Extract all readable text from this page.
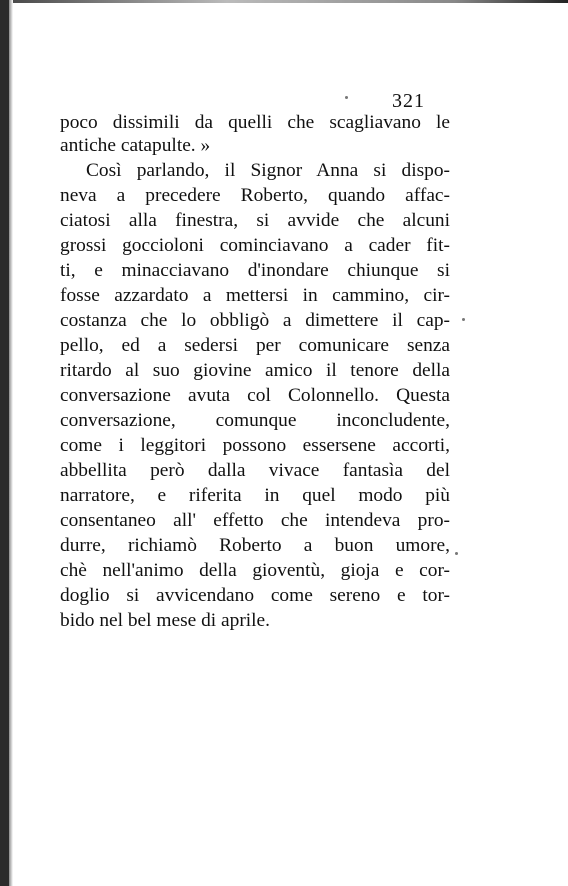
321
poco dissimili da quelli che scagliavano le
antiche catapulte. »
Così parlando, il Signor Anna si dispo-
neva a precedere Roberto, quando affac-
ciatosi alla finestra, si avvide che alcuni
grossi goccioloni cominciavano a cader fit-
ti, e minacciavano d'inondare chiunque si
fosse azzardato a mettersi in cammino, cir-
costanza che lo obbligò a dimettere il cap-
pello, ed a sedersi per comunicare senza
ritardo al suo giovine amico il tenore della
conversazione avuta col Colonnello. Questa
conversazione, comunque inconcludente,
come i leggitori possono essersene accorti,
abbellita però dalla vivace fantasìa del
narratore, e riferita in quel modo più
consentaneo all' effetto che intendeva pro-
durre, richiamò Roberto a buon umore,
chè nell'animo della gioventù, gioja e cor-
doglio si avvicendano come sereno e tor-
bido nel bel mese di aprile.
